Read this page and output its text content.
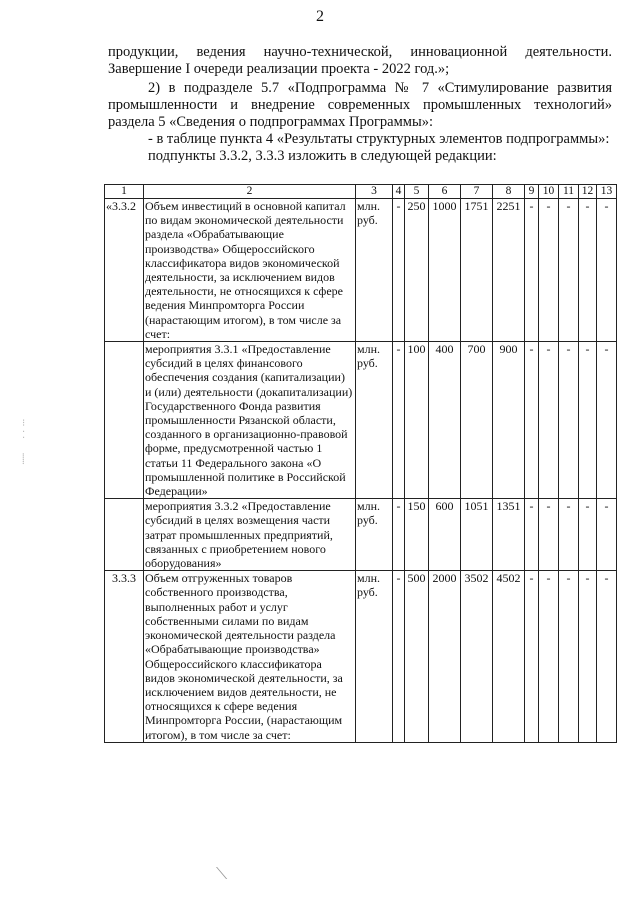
2

продукции, ведения научно-технической, инновационной деятельности.

Завершение I очереди реализации проекта - 2022 год.»;

2) в подразделе 5.7 «Подпрограмма № 7 «Стимулирование развития промышленности и внедрение современных промышленных технологий» раздела 5 «Сведения о подпрограммах Программы»:

- в таблице пункта 4 «Результаты структурных элементов подпрограммы»:

подпункты 3.3.2, 3.3.3 изложить в следующей редакции:

1	2	3	4	5	6	7	8	9	10	11	12	13
«3.3.2	Объем инвестиций в основной капитал по видам экономической деятельности раздела «Обрабатывающие производства» Общероссийского классификатора видов экономической деятельности, за исключением видов деятельности, не относящихся к сфере ведения Минпромторга России (нарастающим итогом), в том числе за счет:	млн. руб.	-	250	1000	1751	2251	-	-	-	-	-
	мероприятия 3.3.1 «Предоставление субсидий в целях финансового обеспечения создания (капитализации) и (или) деятельности (докапитализации) Государственного Фонда развития промышленности Рязанской области, созданного в организационно-правовой форме, предусмотренной частью 1 статьи 11 Федерального закона «О промышленной политике в Российской Федерации»	млн. руб.	-	100	400	700	900	-	-	-	-	-
	мероприятия 3.3.2 «Предоставление субсидий в целях возмещения части затрат промышленных предприятий, связанных с приобретением нового оборудования»	млн. руб.	-	150	600	1051	1351	-	-	-	-	-
3.3.3	Объем отгруженных товаров собственного производства, выполненных работ и услуг собственными силами по видам экономической деятельности раздела «Обрабатывающие производства» Общероссийского классификатора видов экономической деятельности, за исключением видов деятельности, не относящихся к сфере ведения Минпромторга России, (нарастающим итогом), в том числе за счет:	млн. руб.	-	500	2000	3502	4502	-	-	-	-	-
⁝
⁚

⸽
⟍
